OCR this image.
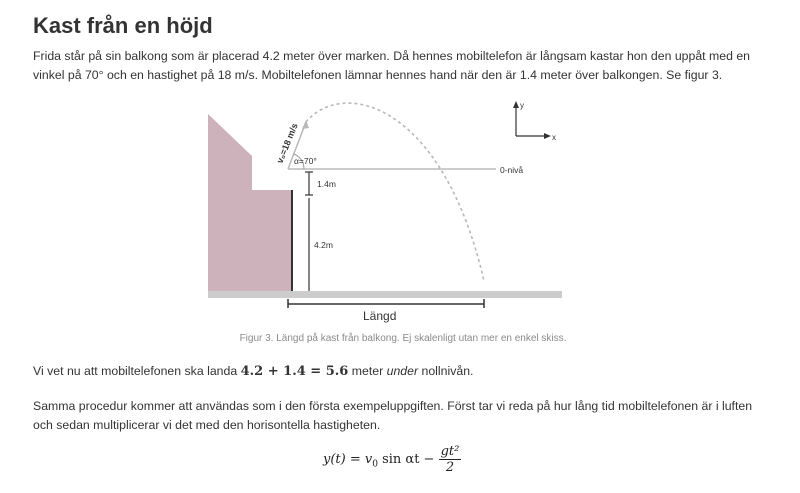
Kast från en höjd

Frida står på sin balkong som är placerad 4.2 meter över marken. Då hennes mobiltelefon är långsam kastar hon den uppåt med en vinkel på 70° och en hastighet på 18 m/s. Mobiltelefonen lämnar hennes hand när den är 1.4 meter över balkongen. Se figur 3.

0-nivå
α=70°
v₀=18 m/s
1.4m
4.2m
y
x
Längd
Figur 3. Längd på kast från balkong. Ej skalenligt utan mer en enkel skiss.

Vi vet nu att mobiltelefonen ska landa 4.2 + 1.4 = 5.6 meter under nollnivån.

Samma procedur kommer att användas som i den första exempeluppgiften. Först tar vi reda på hur lång tid mobiltelefonen är i luften och sedan multiplicerar vi det med den horisontella hastigheten.

$y(t) = v_0$ $\sin \alpha t - \frac{\text{gt²}}{2}$
